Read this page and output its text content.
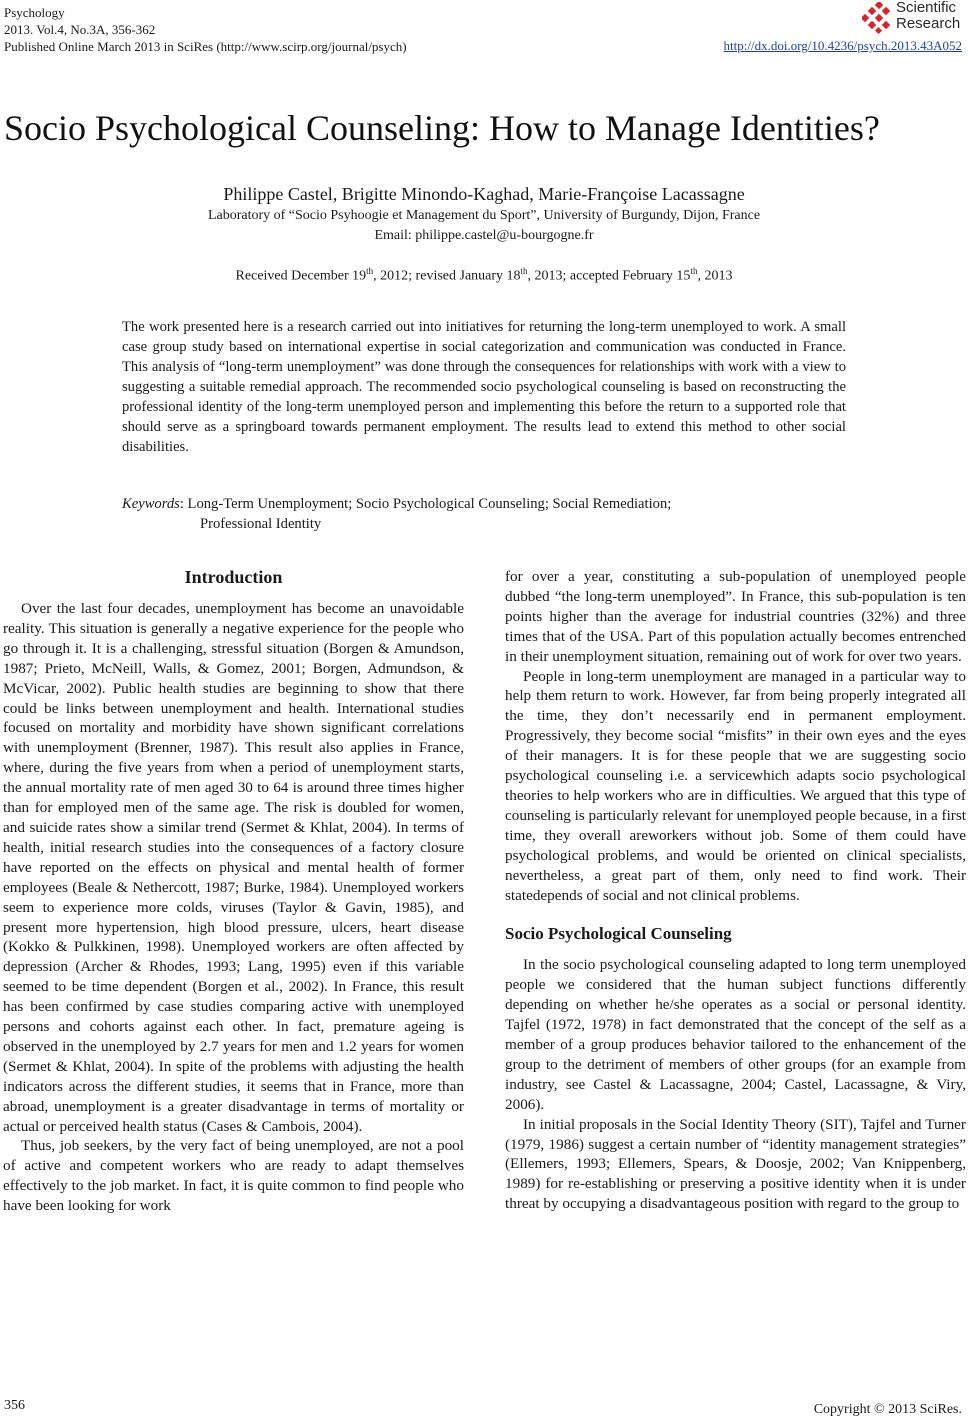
Psychology
2013. Vol.4, No.3A, 356-362
Published Online March 2013 in SciRes (http://www.scirp.org/journal/psych)
Scientific
Research
http://dx.doi.org/10.4236/psych.2013.43A052
Socio Psychological Counseling: How to Manage Identities?
Philippe Castel, Brigitte Minondo-Kaghad, Marie-Françoise Lacassagne
Laboratory of “Socio Psyhoogie et Management du Sport”, University of Burgundy, Dijon, France
Email: philippe.castel@u-bourgogne.fr
Received December 19th, 2012; revised January 18th, 2013; accepted February 15th, 2013
The work presented here is a research carried out into initiatives for returning the long-term unemployed to work. A small case group study based on international expertise in social categorization and communication was conducted in France. This analysis of “long-term unemployment” was done through the consequences for relationships with work with a view to suggesting a suitable remedial approach. The recommended socio psychological counseling is based on reconstructing the professional identity of the long-term unemployed person and implementing this before the return to a supported role that should serve as a springboard towards permanent employment. The results lead to extend this method to other social disabilities.
Keywords: Long-Term Unemployment; Socio Psychological Counseling; Social Remediation;
Professional Identity
Introduction

Over the last four decades, unemployment has become an unavoidable reality. This situation is generally a negative experience for the people who go through it. It is a challenging, stressful situation (Borgen & Amundson, 1987; Prieto, McNeill, Walls, & Gomez, 2001; Borgen, Admundson, & McVicar, 2002). Public health studies are beginning to show that there could be links between unemployment and health. International studies focused on mortality and morbidity have shown significant correlations with unemployment (Brenner, 1987). This result also applies in France, where, during the five years from when a period of unemployment starts, the annual mortality rate of men aged 30 to 64 is around three times higher than for employed men of the same age. The risk is doubled for women, and suicide rates show a similar trend (Sermet & Khlat, 2004). In terms of health, initial research studies into the consequences of a factory closure have reported on the effects on physical and mental health of former employees (Beale & Nethercott, 1987; Burke, 1984). Unemployed workers seem to experience more colds, viruses (Taylor & Gavin, 1985), and present more hypertension, high blood pressure, ulcers, heart disease (Kokko & Pulkkinen, 1998). Unemployed workers are often affected by depression (Archer & Rhodes, 1993; Lang, 1995) even if this variable seemed to be time dependent (Borgen et al., 2002). In France, this result has been confirmed by case studies comparing active with unemployed persons and cohorts against each other. In fact, premature ageing is observed in the unemployed by 2.7 years for men and 1.2 years for women (Sermet & Khlat, 2004). In spite of the problems with adjusting the health indicators across the different studies, it seems that in France, more than abroad, unemployment is a greater disadvantage in terms of mortality or actual or perceived health status (Cases & Cambois, 2004).

Thus, job seekers, by the very fact of being unemployed, are not a pool of active and competent workers who are ready to adapt themselves effectively to the job market. In fact, it is quite common to find people who have been looking for work

for over a year, constituting a sub-population of unemployed people dubbed “the long-term unemployed”. In France, this sub-population is ten points higher than the average for industrial countries (32%) and three times that of the USA. Part of this population actually becomes entrenched in their unemployment situation, remaining out of work for over two years.

People in long-term unemployment are managed in a particular way to help them return to work. However, far from being properly integrated all the time, they don’t necessarily end in permanent employment. Progressively, they become social “misfits” in their own eyes and the eyes of their managers. It is for these people that we are suggesting socio psychological counseling i.e. a servicewhich adapts socio psychological theories to help workers who are in difficulties. We argued that this type of counseling is particularly relevant for unemployed people because, in a first time, they overall areworkers without job. Some of them could have psychological problems, and would be oriented on clinical specialists, nevertheless, a great part of them, only need to find work. Their statedepends of social and not clinical problems.

Socio Psychological Counseling

In the socio psychological counseling adapted to long term unemployed people we considered that the human subject functions differently depending on whether he/she operates as a social or personal identity. Tajfel (1972, 1978) in fact demonstrated that the concept of the self as a member of a group produces behavior tailored to the enhancement of the group to the detriment of members of other groups (for an example from industry, see Castel & Lacassagne, 2004; Castel, Lacassagne, & Viry, 2006).

In initial proposals in the Social Identity Theory (SIT), Tajfel and Turner (1979, 1986) suggest a certain number of “identity management strategies” (Ellemers, 1993; Ellemers, Spears, & Doosje, 2002; Van Knippenberg, 1989) for re-establishing or preserving a positive identity when it is under threat by occupying a disadvantageous position with regard to the group to

356	Copyright © 2013 SciRes.
